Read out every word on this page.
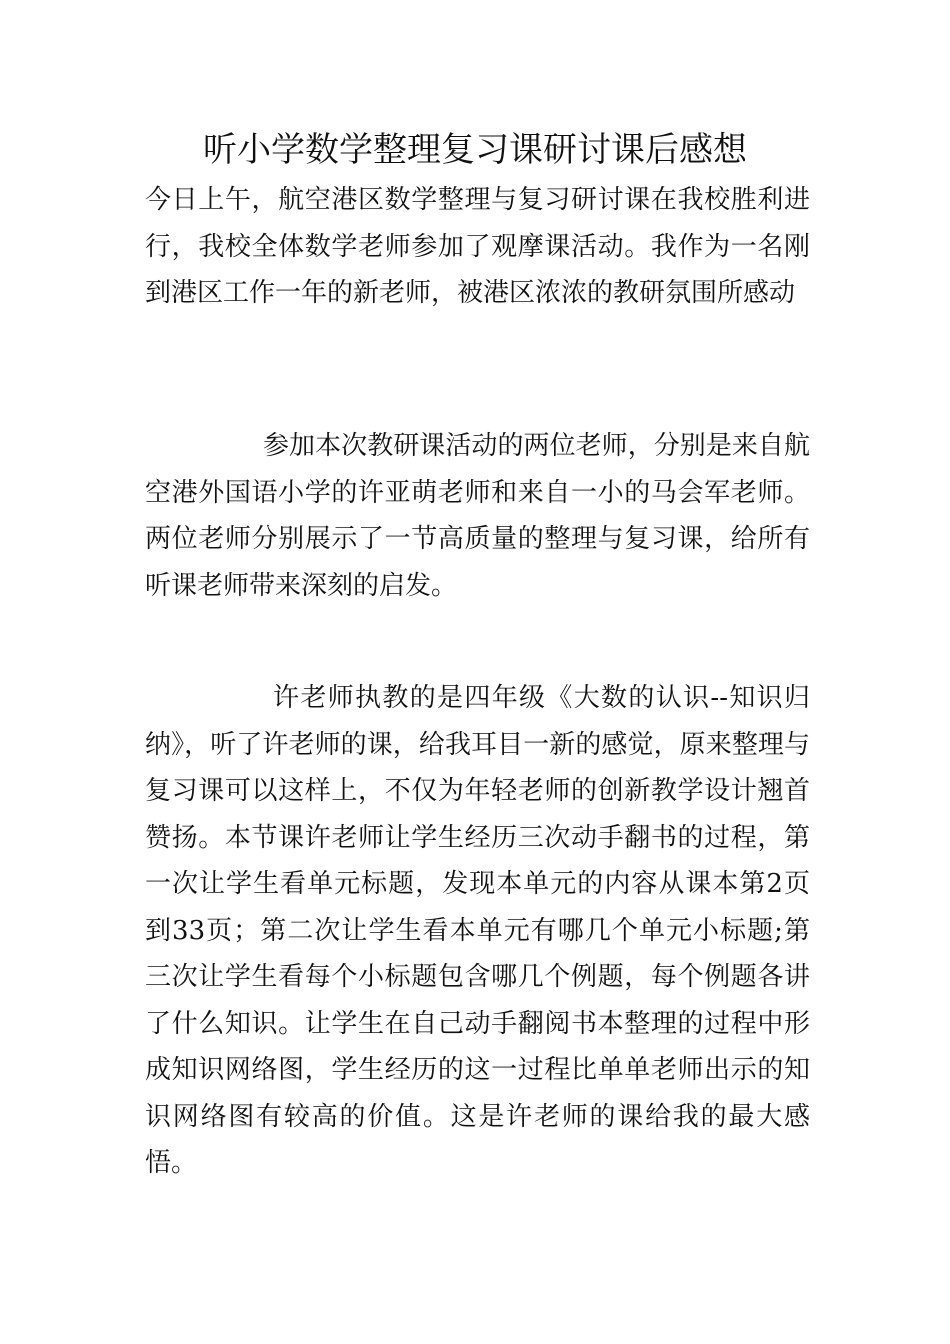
听小学数学整理复习课研讨课后感想

今日上午，航空港区数学整理与复习研讨课在我校胜利进行，我校全体数学老师参加了观摩课活动。我作为一名刚到港区工作一年的新老师，被港区浓浓的教研氛围所感动

参加本次教研课活动的两位老师，分别是来自航空港外国语小学的许亚萌老师和来自一小的马会军老师。两位老师分别展示了一节高质量的整理与复习课，给所有听课老师带来深刻的启发。

许老师执教的是四年级《大数的认识--知识归纳》，听了许老师的课，给我耳目一新的感觉，原来整理与复习课可以这样上，不仅为年轻老师的创新教学设计翘首赞扬。本节课许老师让学生经历三次动手翻书的过程，第一次让学生看单元标题，发现本单元的内容从课本第2页到33页；第二次让学生看本单元有哪几个单元小标题;第三次让学生看每个小标题包含哪几个例题，每个例题各讲了什么知识。让学生在自己动手翻阅书本整理的过程中形成知识网络图，学生经历的这一过程比单单老师出示的知识网络图有较高的价值。这是许老师的课给我的最大感悟。
